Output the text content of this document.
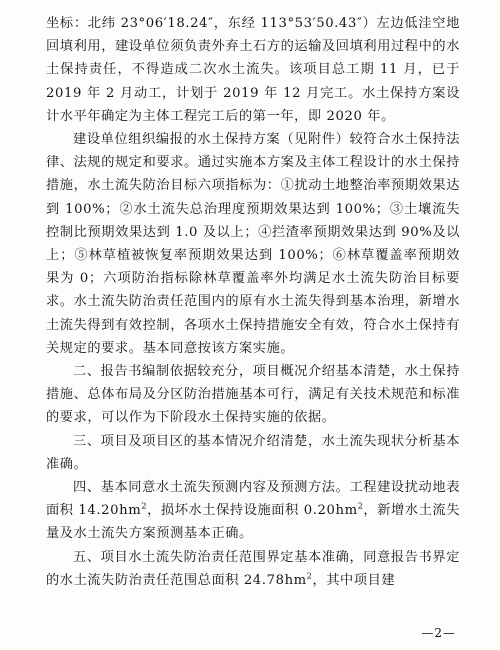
坐标：北纬 23°06′18.24″，东经 113°53′50.43″）左边低洼空地回填利用，建设单位须负责外弃土石方的运输及回填利用过程中的水土保持责任，不得造成二次水土流失。该项目总工期 11 月，已于 2019 年 2 月动工，计划于 2019 年 12 月完工。水土保持方案设计水平年确定为主体工程完工后的第一年，即 2020 年。

建设单位组织编报的水土保持方案（见附件）较符合水土保持法律、法规的规定和要求。通过实施本方案及主体工程设计的水土保持措施，水土流失防治目标六项指标为：①扰动土地整治率预期效果达到 100%；②水土流失总治理度预期效果达到 100%；③土壤流失控制比预期效果达到 1.0 及以上；④拦渣率预期效果达到 90%及以上；⑤林草植被恢复率预期效果达到 100%；⑥林草覆盖率预期效果为 0；六项防治指标除林草覆盖率外均满足水土流失防治目标要求。水土流失防治责任范围内的原有水土流失得到基本治理，新增水土流失得到有效控制，各项水土保持措施安全有效，符合水土保持有关规定的要求。基本同意按该方案实施。

二、报告书编制依据较充分，项目概况介绍基本清楚，水土保持措施、总体布局及分区防治措施基本可行，满足有关技术规范和标准的要求，可以作为下阶段水土保持实施的依据。

三、项目及项目区的基本情况介绍清楚，水土流失现状分析基本准确。

四、基本同意水土流失预测内容及预测方法。工程建设扰动地表面积 $14.20hm^2$，损坏水土保持设施面积 $0.20hm^2$，新增水土流失量及水土流失方案预测基本正确。

五、项目水土流失防治责任范围界定基本准确，同意报告书界定的水土流失防治责任范围总面积 $24.78hm^2$，其中项目建

—2—
